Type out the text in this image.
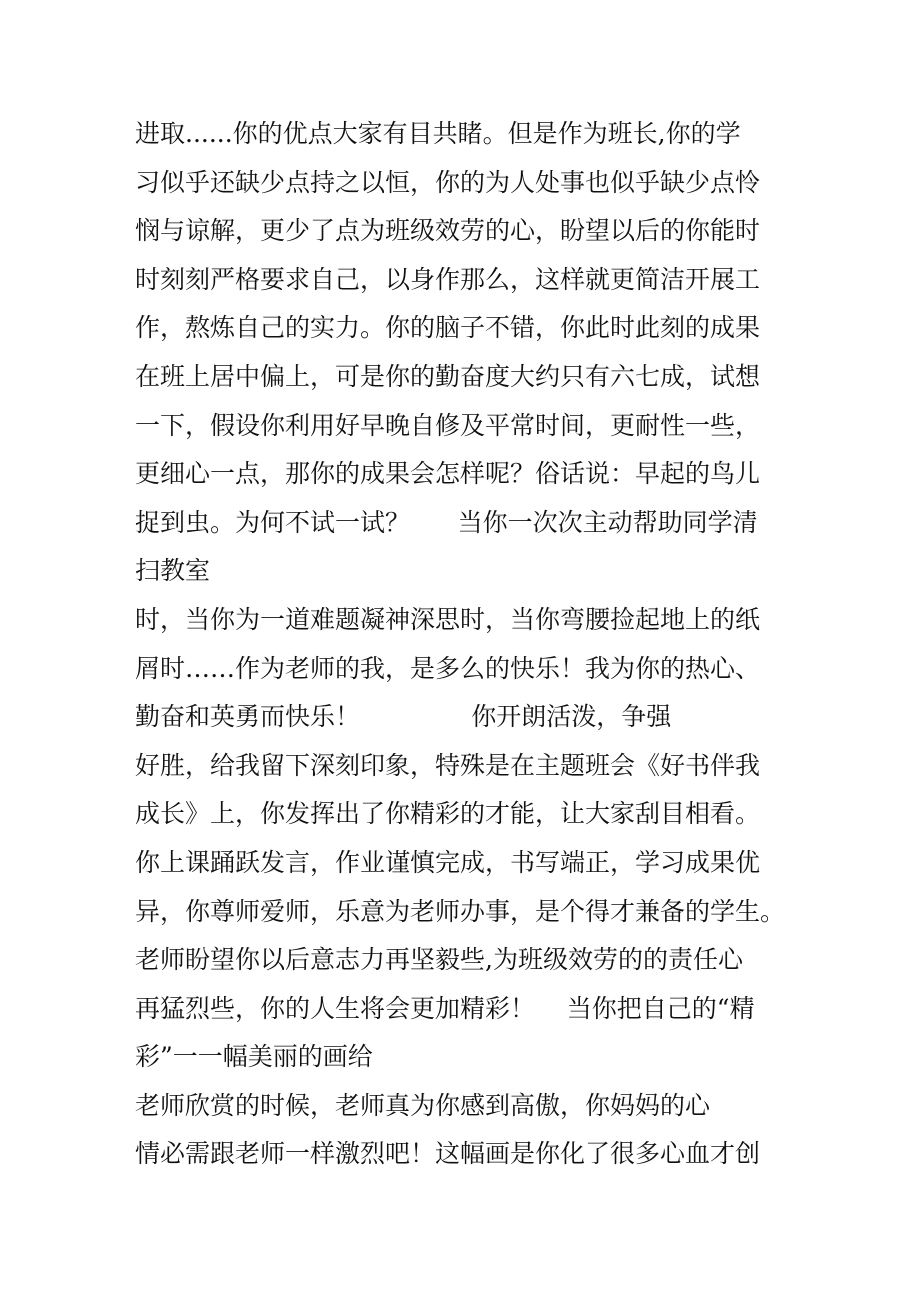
进取......你的优点大家有目共睹。但是作为班长,你的学
习似乎还缺少点持之以恒，你的为人处事也似乎缺少点怜
悯与谅解，更少了点为班级效劳的心，盼望以后的你能时
时刻刻严格要求自己，以身作那么，这样就更简洁开展工
作，熬炼自己的实力。你的脑子不错，你此时此刻的成果
在班上居中偏上，可是你的勤奋度大约只有六七成，试想
一下，假设你利用好早晚自修及平常时间，更耐性一些，
更细心一点，那你的成果会怎样呢？俗话说：早起的鸟儿
捉到虫。为何不试一试？      当你一次次主动帮助同学清
扫教室
时，当你为一道难题凝神深思时，当你弯腰捡起地上的纸
屑时……作为老师的我，是多么的快乐！我为你的热心、
勤奋和英勇而快乐！              你开朗活泼，争强
好胜，给我留下深刻印象，特殊是在主题班会《好书伴我
成长》上，你发挥出了你精彩的才能，让大家刮目相看。
你上课踊跃发言，作业谨慎完成，书写端正，学习成果优
异，你尊师爱师，乐意为老师办事，是个得才兼备的学生。
老师盼望你以后意志力再坚毅些,为班级效劳的的责任心
再猛烈些，你的人生将会更加精彩！    当你把自己的“精
彩”一一幅美丽的画给
老师欣赏的时候，老师真为你感到高傲，你妈妈的心
情必需跟老师一样激烈吧！这幅画是你化了很多心血才创
